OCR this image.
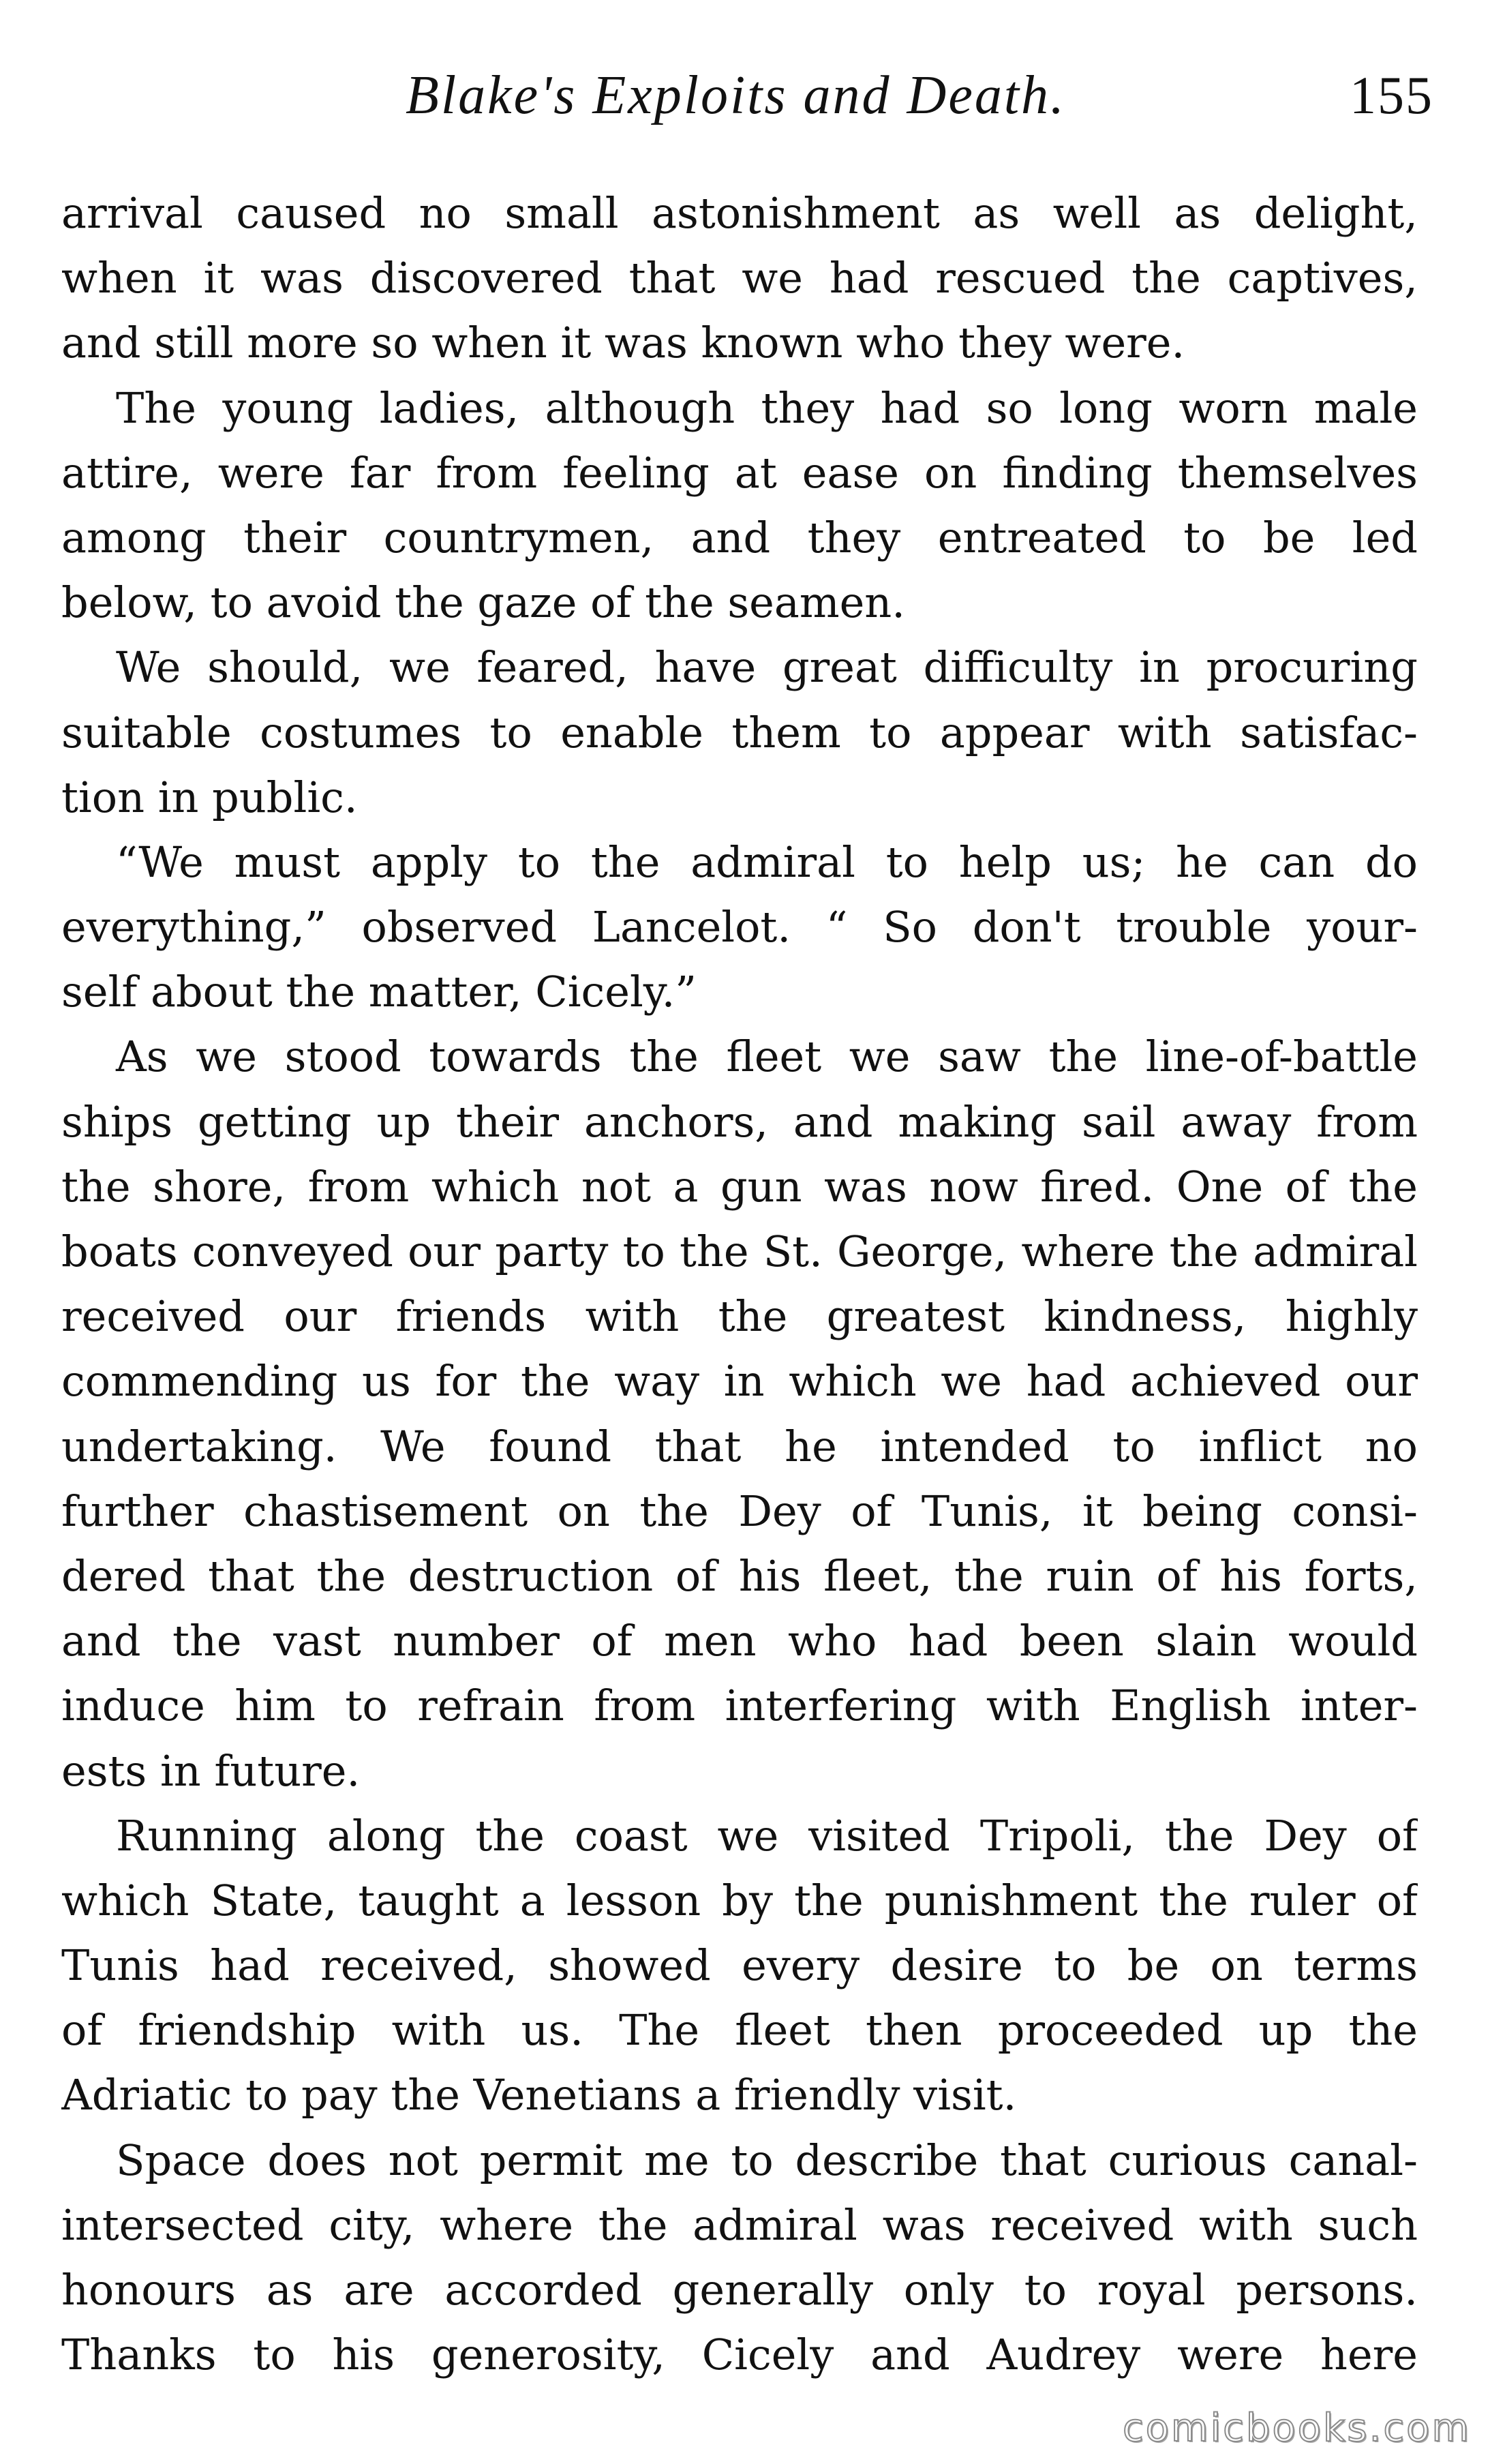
Blake's Exploits and Death.	155
arrival caused no small astonishment as well as delight,
when it was discovered that we had rescued the captives,
and still more so when it was known who they were.
The young ladies, although they had so long worn male
attire, were far from feeling at ease on finding themselves
among their countrymen, and they entreated to be led
below, to avoid the gaze of the seamen.
We should, we feared, have great difficulty in procuring
suitable costumes to enable them to appear with satisfac-
tion in public.
“We must apply to the admiral to help us; he can do
everything,” observed Lancelot. “ So don't trouble your-
self about the matter, Cicely.”
As we stood towards the fleet we saw the line-of-battle
ships getting up their anchors, and making sail away from
the shore, from which not a gun was now fired. One of the
boats conveyed our party to the St. George, where the admiral
received our friends with the greatest kindness, highly
commending us for the way in which we had achieved our
undertaking. We found that he intended to inflict no
further chastisement on the Dey of Tunis, it being consi-
dered that the destruction of his fleet, the ruin of his forts,
and the vast number of men who had been slain would
induce him to refrain from interfering with English inter-
ests in future.
Running along the coast we visited Tripoli, the Dey of
which State, taught a lesson by the punishment the ruler of
Tunis had received, showed every desire to be on terms
of friendship with us. The fleet then proceeded up the
Adriatic to pay the Venetians a friendly visit.
Space does not permit me to describe that curious canal-
intersected city, where the admiral was received with such
honours as are accorded generally only to royal persons.
Thanks to his generosity, Cicely and Audrey were here
comicbooks.com
